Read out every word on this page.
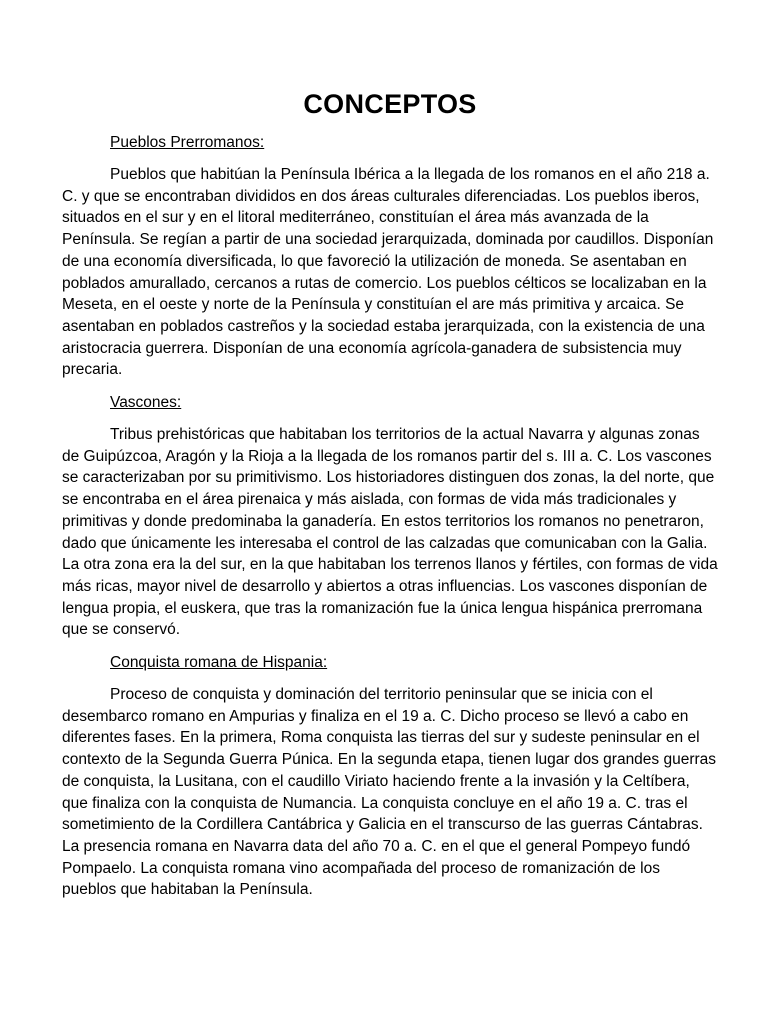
CONCEPTOS
Pueblos Prerromanos:

Pueblos que habitúan la Península Ibérica a la llegada de los romanos en el año 218 a. C. y que se encontraban divididos en dos áreas culturales diferenciadas. Los pueblos iberos, situados en el sur y en el litoral mediterráneo, constituían el área más avanzada de la Península. Se regían a partir de una sociedad jerarquizada, dominada por caudillos. Disponían de una economía diversificada, lo que favoreció la utilización de moneda. Se asentaban en poblados amurallado, cercanos a rutas de comercio. Los pueblos célticos se localizaban en la Meseta, en el oeste y norte de la Península y constituían el are más primitiva y arcaica. Se asentaban en poblados castreños y la sociedad estaba jerarquizada, con la existencia de una aristocracia guerrera. Disponían de una economía agrícola-ganadera de subsistencia muy precaria.

Vascones:

Tribus prehistóricas que habitaban los territorios de la actual Navarra y algunas zonas de Guipúzcoa, Aragón y la Rioja a la llegada de los romanos partir del s. III a. C. Los vascones se caracterizaban por su primitivismo. Los historiadores distinguen dos zonas, la del norte, que se encontraba en el área pirenaica y más aislada, con formas de vida más tradicionales y primitivas y donde predominaba la ganadería. En estos territorios los romanos no penetraron, dado que únicamente les interesaba el control de las calzadas que comunicaban con la Galia. La otra zona era la del sur, en la que habitaban los terrenos llanos y fértiles, con formas de vida más ricas, mayor nivel de desarrollo y abiertos a otras influencias. Los vascones disponían de lengua propia, el euskera, que tras la romanización fue la única lengua hispánica prerromana que se conservó.

Conquista romana de Hispania:

Proceso de conquista y dominación del territorio peninsular que se inicia con el desembarco romano en Ampurias y finaliza en el 19 a. C. Dicho proceso se llevó a cabo en diferentes fases. En la primera, Roma conquista las tierras del sur y sudeste peninsular en el contexto de la Segunda Guerra Púnica. En la segunda etapa, tienen lugar dos grandes guerras de conquista, la Lusitana, con el caudillo Viriato haciendo frente a la invasión y la Celtíbera, que finaliza con la conquista de Numancia. La conquista concluye en el año 19 a. C. tras el sometimiento de la Cordillera Cantábrica y Galicia en el transcurso de las guerras Cántabras. La presencia romana en Navarra data del año 70 a. C. en el que el general Pompeyo fundó Pompaelo. La conquista romana vino acompañada del proceso de romanización de los pueblos que habitaban la Península.
